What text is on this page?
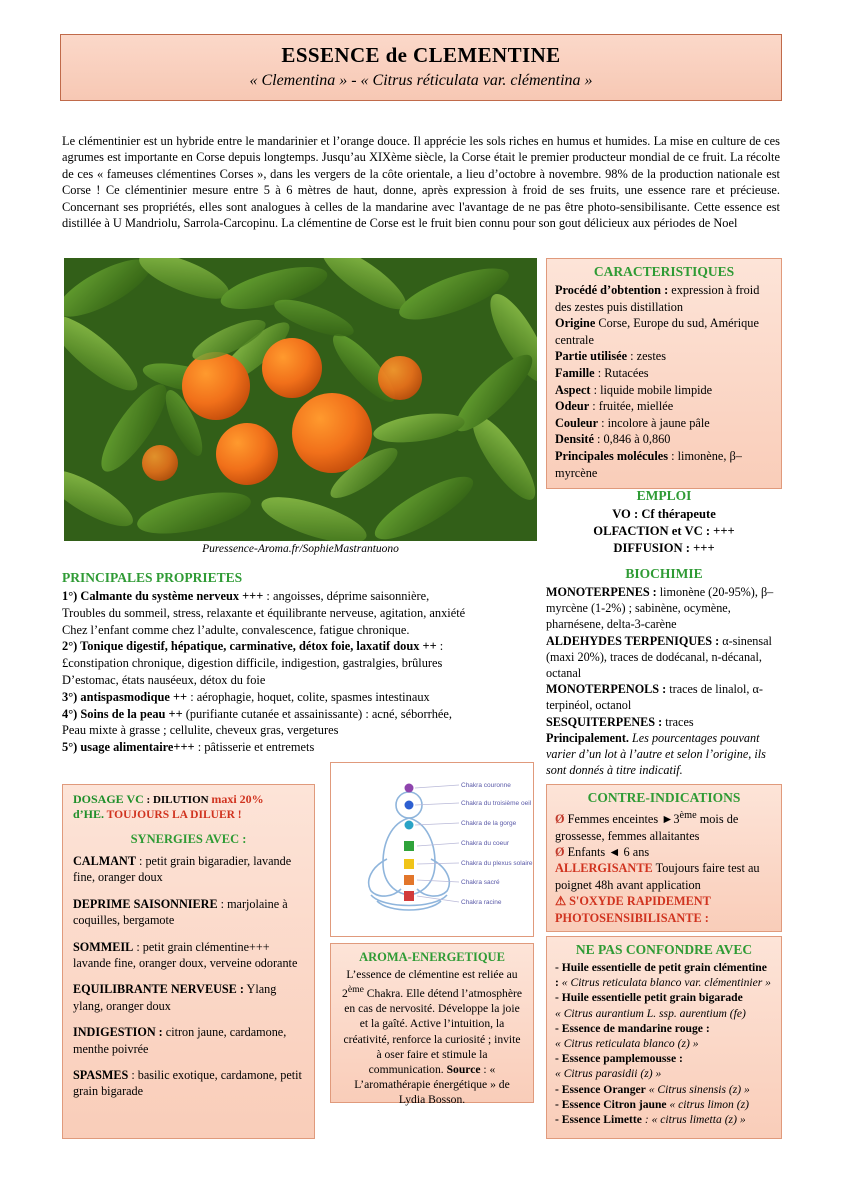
ESSENCE de CLEMENTINE
« Clementina » - « Citrus réticulata var. clémentina »
Le clémentinier est un hybride entre le mandarinier et l’orange douce. Il apprécie les sols riches en humus et humides. La mise en culture de ces agrumes est importante en Corse depuis longtemps. Jusqu’au XIXème siècle, la Corse était le premier producteur mondial de ce fruit. La récolte de ces « fameuses clémentines Corses », dans les vergers de la côte orientale, a lieu d’octobre à novembre. 98% de la production nationale est Corse ! Ce clémentinier mesure entre 5 à 6 mètres de haut, donne, après expression à froid de ses fruits, une essence rare et précieuse. Concernant ses propriétés, elles sont analogues à celles de la mandarine avec l'avantage de ne pas être photo-sensibilisante. Cette essence est distillée à U Mandriolu, Sarrola-Carcopinu. La clémentine de Corse est le fruit bien connu pour son gout délicieux aux périodes de Noel
Puressence-Aroma.fr/SophieMastrantuono
CARACTERISTIQUES
Procédé d’obtention : expression à froid des zestes puis distillation
Origine Corse, Europe du sud, Amérique centrale
Partie utilisée : zestes
Famille : Rutacées
Aspect : liquide mobile limpide
Odeur : fruitée, miellée
Couleur : incolore à jaune pâle
Densité : 0,846 à 0,860
Principales molécules : limonène, β–myrcène
EMPLOI
VO : Cf thérapeute
OLFACTION et VC : +++
DIFFUSION : +++
PRINCIPALES PROPRIETES
1°) Calmante du système nerveux +++ : angoisses, déprime saisonnière,
Troubles du sommeil, stress, relaxante et équilibrante nerveuse, agitation, anxiété
Chez l’enfant comme chez l’adulte, convalescence, fatigue chronique.
2°) Tonique digestif, hépatique, carminative, détox foie, laxatif doux ++ :
£constipation chronique, digestion difficile, indigestion, gastralgies, brûlures
D’estomac, états nauséeux, détox du foie
3°) antispasmodique ++ : aérophagie, hoquet, colite, spasmes intestinaux
4°) Soins de la peau ++ (purifiante cutanée et assainissante) : acné, séborrhée,
Peau mixte à grasse ; cellulite, cheveux gras, vergetures
5°) usage alimentaire+++ : pâtisserie et entremets
BIOCHIMIE
MONOTERPENES : limonène (20-95%), β–myrcène (1-2%) ; sabinène, ocymène, pharnésene, delta-3-carène
ALDEHYDES TERPENIQUES : α-sinensal (maxi 20%), traces de dodécanal, n-décanal, octanal
MONOTERPENOLS : traces de linalol, α-terpinéol, octanol
SESQUITERPENES : traces
Principalement. Les pourcentages pouvant varier d’un lot à l’autre et selon l’origine, ils sont donnés à titre indicatif.
DOSAGE VC : DILUTION maxi 20%
d’HE. TOUJOURS LA DILUER !
SYNERGIES AVEC :
CALMANT : petit grain bigaradier, lavande fine, oranger doux
DEPRIME SAISONNIERE : marjolaine à coquilles, bergamote
SOMMEIL : petit grain clémentine+++ lavande fine, oranger doux, verveine odorante
EQUILIBRANTE NERVEUSE : Ylang ylang, oranger doux
INDIGESTION : citron jaune, cardamone, menthe poivrée
SPASMES : basilic exotique, cardamone, petit grain bigarade
Chakra couronne
Chakra du troisième oeil
Chakra de la gorge
Chakra du coeur
Chakra du plexus solaire
Chakra sacré
Chakra racine
AROMA-ENERGETIQUE
L’essence de clémentine est reliée au 2ème Chakra. Elle détend l’atmosphère en cas de nervosité. Développe la joie et la gaîté. Active l’intuition, la créativité, renforce la curiosité ; invite à oser faire et stimule la communication. Source : « L’aromathérapie énergétique » de Lydia Bosson.
CONTRE-INDICATIONS
Ø Femmes enceintes ►3ème mois de grossesse, femmes allaitantes
Ø Enfants ◄ 6 ans
ALLERGISANTE Toujours faire test au poignet 48h avant application
⚠ S'OXYDE RAPIDEMENT PHOTOSENSIBILISANTE :
NE PAS CONFONDRE AVEC
- Huile essentielle de petit grain clémentine : « Citrus reticulata blanco var. clémentinier »
- Huile essentielle petit grain bigarade
« Citrus aurantium L. ssp. aurentium (fe)
- Essence de mandarine rouge :
« Citrus reticulata blanco (z) »
- Essence pamplemousse :
« Citrus parasidii (z) »
- Essence Oranger « Citrus sinensis (z) »
- Essence Citron jaune « citrus limon (z)
- Essence Limette : « citrus limetta (z) »
